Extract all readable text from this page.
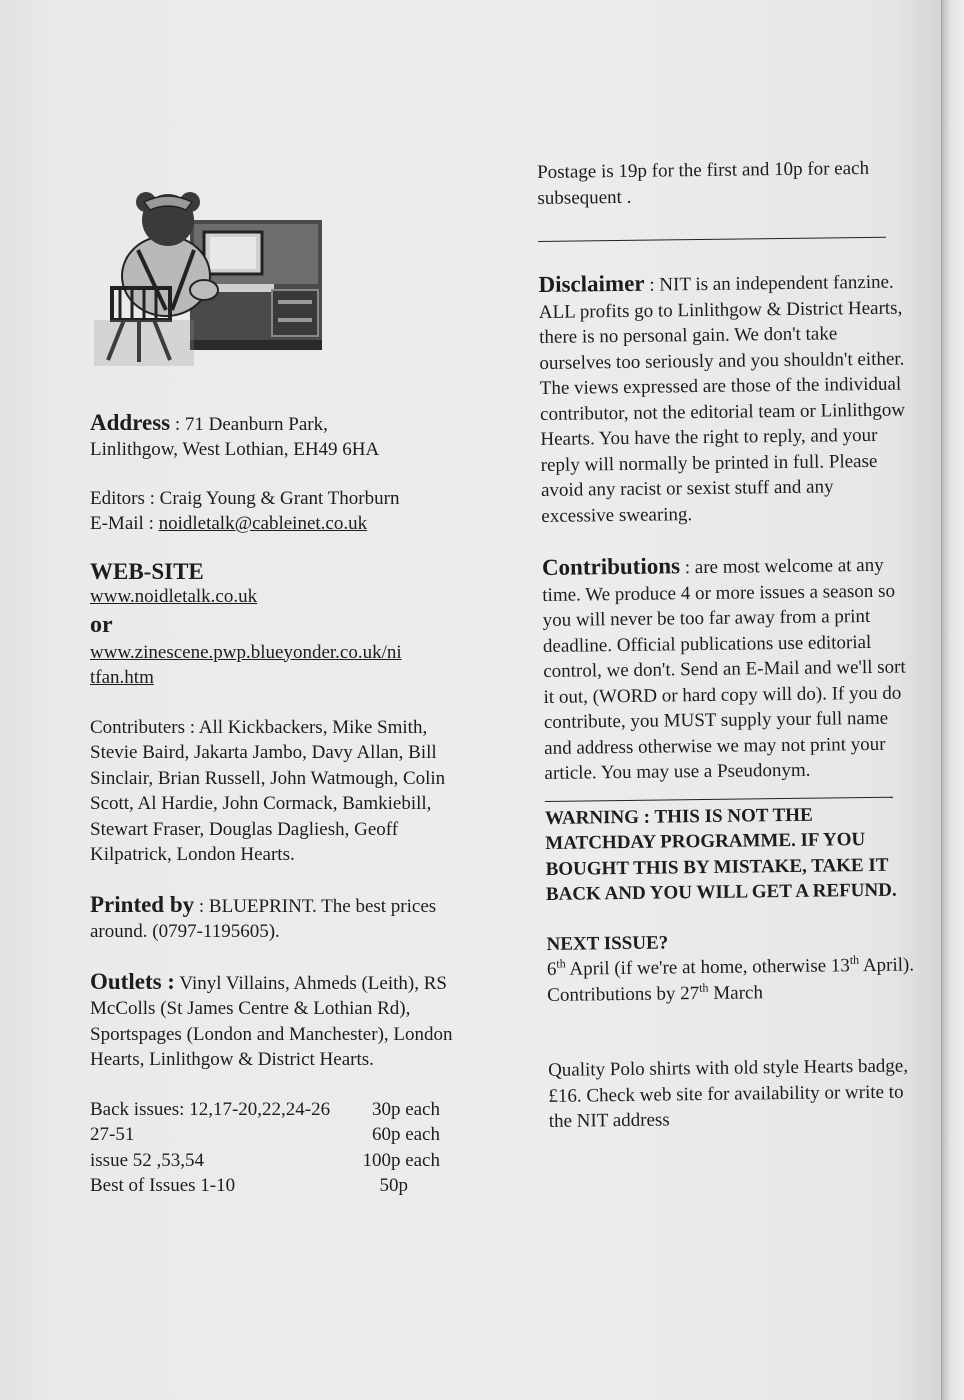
Address : 71 Deanburn Park,
Linlithgow, West Lothian, EH49 6HA

Editors : Craig Young & Grant Thorburn

E-Mail : noidletalk@cableinet.co.uk

WEB-SITE

www.noidletalk.co.uk

or

www.zinescene.pwp.blueyonder.co.uk/ni
tfan.htm

Contributers : All Kickbackers, Mike Smith, Stevie Baird, Jakarta Jambo, Davy Allan, Bill Sinclair, Brian Russell, John Watmough, Colin Scott, Al Hardie, John Cormack, Bamkiebill, Stewart Fraser, Douglas Dagliesh, Geoff Kilpatrick, London Hearts.

Printed by : BLUEPRINT. The best prices around. (0797-1195605).

Outlets : Vinyl Villains, Ahmeds (Leith), RS McColls (St James Centre & Lothian Rd), Sportspages (London and Manchester), London Hearts, Linlithgow & District Hearts.

Back issues: 12,17-20,22,24-26 30p each
27-51	60p each
issue 52 ,53,54	100p each
Best of Issues 1-10	50p

Postage is 19p for the first and 10p for each subsequent .

Disclaimer : NIT is an independent fanzine. ALL profits go to Linlithgow & District Hearts, there is no personal gain. We don't take ourselves too seriously and you shouldn't either. The views expressed are those of the individual contributor, not the editorial team or Linlithgow Hearts. You have the right to reply, and your reply will normally be printed in full. Please avoid any racist or sexist stuff and any excessive swearing.

Contributions : are most welcome at any time. We produce 4 or more issues a season so you will never be too far away from a print deadline. Official publications use editorial control, we don't. Send an E-Mail and we'll sort it out, (WORD or hard copy will do). If you do contribute, you MUST supply your full name and address otherwise we may not print your article. You may use a Pseudonym.

WARNING : THIS IS NOT THE MATCHDAY PROGRAMME. IF YOU BOUGHT THIS BY MISTAKE, TAKE IT BACK AND YOU WILL GET A REFUND.

NEXT ISSUE?

6th April (if we're at home, otherwise 13th April). Contributions by 27th March

Quality Polo shirts with old style Hearts badge, £16. Check web site for availability or write to the NIT address
